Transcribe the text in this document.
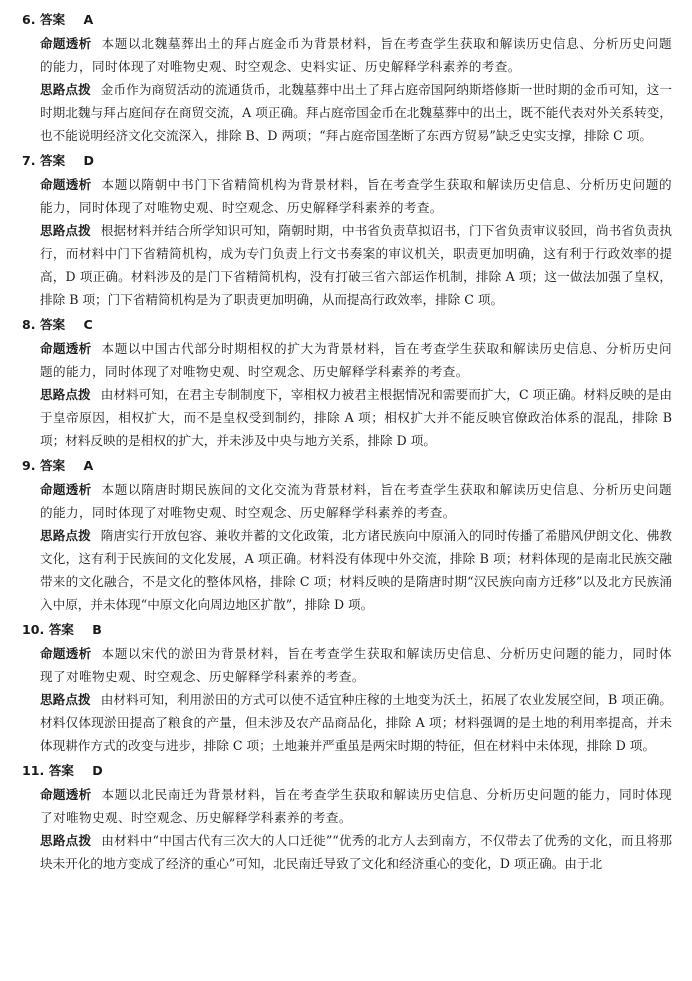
6. 答案 A

命题透析 本题以北魏墓葬出土的拜占庭金币为背景材料，旨在考查学生获取和解读历史信息、分析历史问题的能力，同时体现了对唯物史观、时空观念、史料实证、历史解释学科素养的考查。

思路点拨 金币作为商贸活动的流通货币，北魏墓葬中出土了拜占庭帝国阿纳斯塔修斯一世时期的金币可知，这一时期北魏与拜占庭间存在商贸交流，A 项正确。拜占庭帝国金币在北魏墓葬中的出土，既不能代表对外关系转变，也不能说明经济文化交流深入，排除 B、D 两项；“拜占庭帝国垄断了东西方贸易”缺乏史实支撑，排除 C 项。

7. 答案 D

命题透析 本题以隋朝中书门下省精简机构为背景材料，旨在考查学生获取和解读历史信息、分析历史问题的能力，同时体现了对唯物史观、时空观念、历史解释学科素养的考查。

思路点拨 根据材料并结合所学知识可知，隋朝时期，中书省负责草拟诏书，门下省负责审议驳回，尚书省负责执行，而材料中门下省精简机构，成为专门负责上行文书奏案的审议机关，职责更加明确，这有利于行政效率的提高，D 项正确。材料涉及的是门下省精简机构，没有打破三省六部运作机制，排除 A 项；这一做法加强了皇权，排除 B 项；门下省精简机构是为了职责更加明确，从而提高行政效率，排除 C 项。

8. 答案 C

命题透析 本题以中国古代部分时期相权的扩大为背景材料，旨在考查学生获取和解读历史信息、分析历史问题的能力，同时体现了对唯物史观、时空观念、历史解释学科素养的考查。

思路点拨 由材料可知，在君主专制制度下，宰相权力被君主根据情况和需要而扩大，C 项正确。材料反映的是由于皇帝原因，相权扩大，而不是皇权受到制约，排除 A 项；相权扩大并不能反映官僚政治体系的混乱，排除 B 项；材料反映的是相权的扩大，并未涉及中央与地方关系，排除 D 项。

9. 答案 A

命题透析 本题以隋唐时期民族间的文化交流为背景材料，旨在考查学生获取和解读历史信息、分析历史问题的能力，同时体现了对唯物史观、时空观念、历史解释学科素养的考查。

思路点拨 隋唐实行开放包容、兼收并蓄的文化政策，北方诸民族向中原涌入的同时传播了希腊风伊朗文化、佛教文化，这有利于民族间的文化发展，A 项正确。材料没有体现中外交流，排除 B 项；材料体现的是南北民族交融带来的文化融合，不是文化的整体风格，排除 C 项；材料反映的是隋唐时期“汉民族向南方迁移”以及北方民族涌入中原，并未体现“中原文化向周边地区扩散”，排除 D 项。

10. 答案 B

命题透析 本题以宋代的淤田为背景材料，旨在考查学生获取和解读历史信息、分析历史问题的能力，同时体现了对唯物史观、时空观念、历史解释学科素养的考查。

思路点拨 由材料可知，利用淤田的方式可以使不适宜种庄稼的土地变为沃土，拓展了农业发展空间，B 项正确。材料仅体现淤田提高了粮食的产量，但未涉及农产品商品化，排除 A 项；材料强调的是土地的利用率提高，并未体现耕作方式的改变与进步，排除 C 项；土地兼并严重虽是两宋时期的特征，但在材料中未体现，排除 D 项。

11. 答案 D

命题透析 本题以北民南迁为背景材料，旨在考查学生获取和解读历史信息、分析历史问题的能力，同时体现了对唯物史观、时空观念、历史解释学科素养的考查。

思路点拨 由材料中“中国古代有三次大的人口迁徙”“优秀的北方人去到南方，不仅带去了优秀的文化，而且将那块未开化的地方变成了经济的重心”可知，北民南迁导致了文化和经济重心的变化，D 项正确。由于北
